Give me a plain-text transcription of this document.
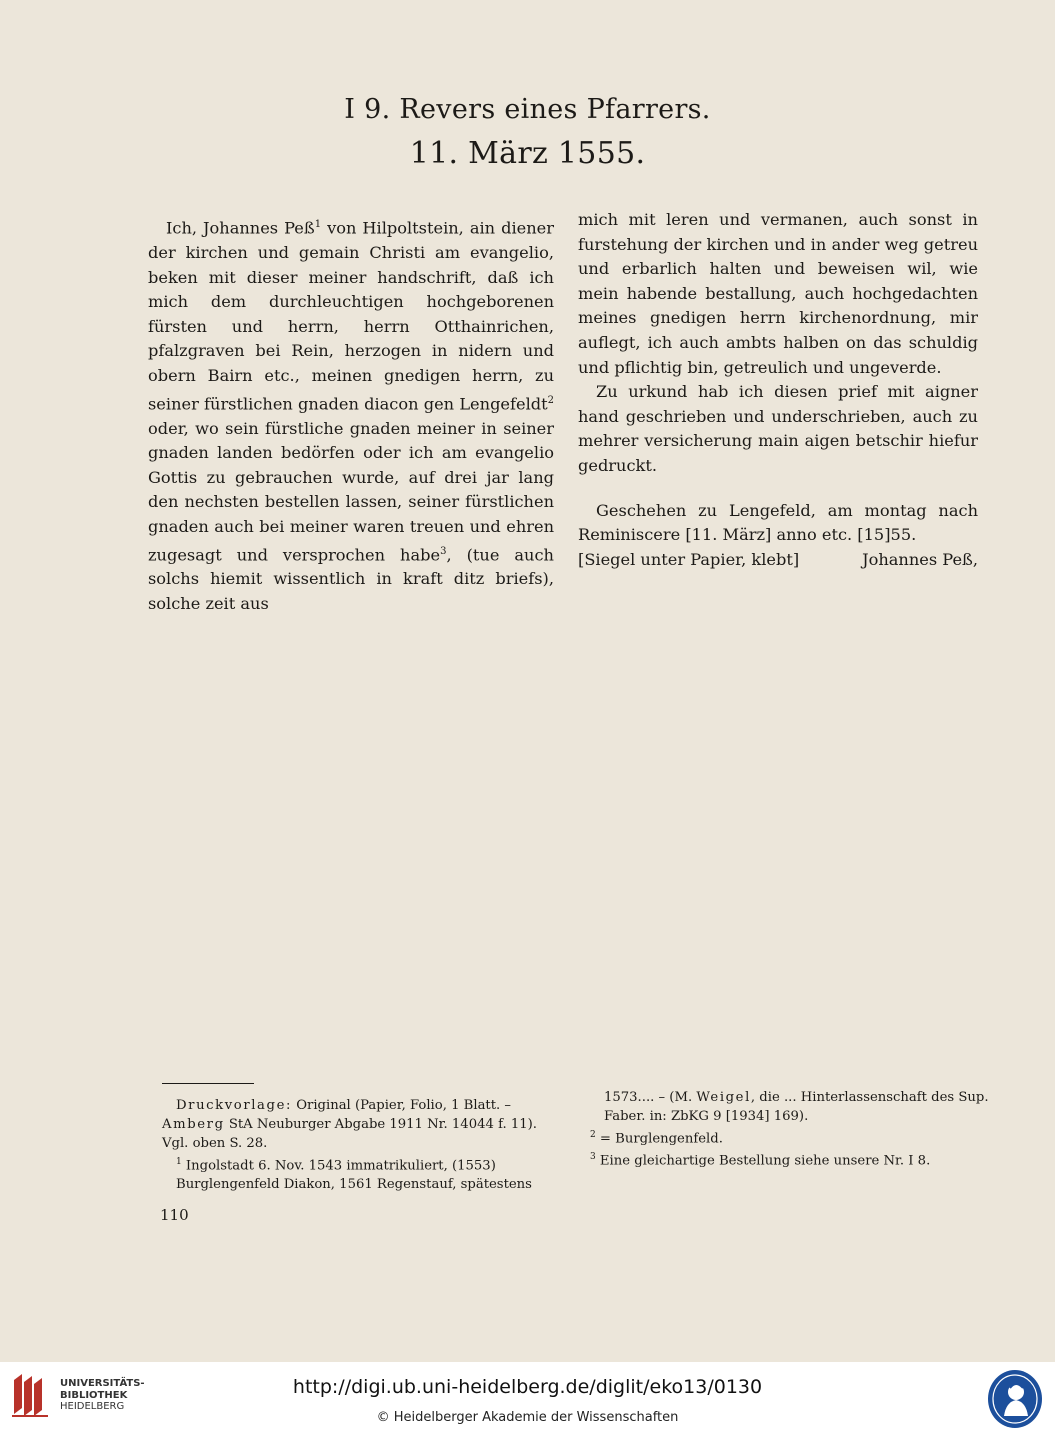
I 9. Revers eines Pfarrers.
11. März 1555.

Ich, Johannes Peß$^1$ von Hilpoltstein, ain diener der kirchen und gemain Christi am evangelio, beken mit dieser meiner handschrift, daß ich mich dem durchleuchtigen hochgeborenen fürsten und herrn, herrn Otthainrichen, pfalzgraven bei Rein, herzogen in nidern und obern Bairn etc., meinen gnedigen herrn, zu seiner fürstlichen gnaden diacon gen Lengefeldt$^2$ oder, wo sein fürstliche gnaden meiner in seiner gnaden landen bedörfen oder ich am evangelio Gottis zu gebrauchen wurde, auf drei jar lang den nechsten bestellen lassen, seiner fürstlichen gnaden auch bei meiner waren treuen und ehren zugesagt und versprochen habe$^3$, (tue auch solchs hiemit wissentlich in kraft ditz briefs), solche zeit aus

mich mit leren und vermanen, auch sonst in furstehung der kirchen und in ander weg getreu und erbarlich halten und beweisen wil, wie mein habende bestallung, auch hochgedachten meines gnedigen herrn kirchenordnung, mir auflegt, ich auch ambts halben on das schuldig und pflichtig bin, getreulich und ungeverde.

Zu urkund hab ich diesen prief mit aigner hand geschrieben und underschrieben, auch zu mehrer versicherung main aigen betschir hiefur gedruckt.

Geschehen zu Lengefeld, am montag nach Reminiscere [11. März] anno etc. [15]55.

[Siegel unter Papier, klebt]	Johannes Peß,

Druckvorlage: Original (Papier, Folio, 1 Blatt. –
Amberg StA Neuburger Abgabe 1911 Nr. 14044 f. 11).
Vgl. oben S. 28.

$^1$ Ingolstadt 6. Nov. 1543 immatrikuliert, (1553) Burglengenfeld Diakon, 1561 Regenstauf, spätestens

1573.... – (M. Weigel, die ... Hinterlassenschaft des Sup. Faber. in: ZbKG 9 [1934] 169).

$^2$ = Burglengenfeld.

$^3$ Eine gleichartige Bestellung siehe unsere Nr. I 8.

110
UNIVERSITÄTS-
BIBLIOTHEK
HEIDELBERG
http://digi.ub.uni-heidelberg.de/diglit/eko13/0130
© Heidelberger Akademie der Wissenschaften
